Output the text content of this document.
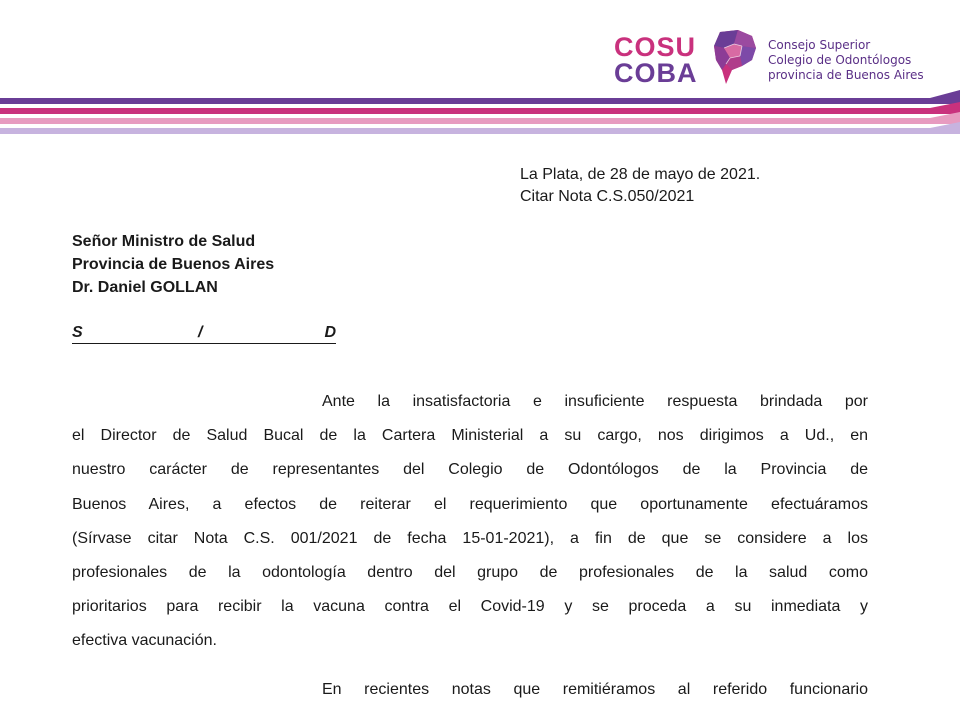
COSU
COBA
Consejo Superior
Colegio de Odontólogos
provincia de Buenos Aires
La Plata, de 28 de mayo de 2021.
Citar Nota C.S.050/2021
Señor Ministro de Salud
Provincia de Buenos Aires
Dr. Daniel GOLLAN
S	/	D
Ante la insatisfactoria e insuficiente respuesta brindada por
el Director de Salud Bucal de la Cartera Ministerial a su cargo, nos dirigimos a Ud., en
nuestro carácter de representantes del Colegio de Odontólogos de la Provincia de
Buenos Aires, a efectos de reiterar el requerimiento que oportunamente efectuáramos
(Sírvase citar Nota C.S. 001/2021 de fecha 15-01-2021), a fin de que se considere a los
profesionales de la odontología dentro del grupo de profesionales de la salud como
prioritarios para recibir la vacuna contra el Covid-19 y se proceda a su inmediata y
efectiva vacunación.
En recientes notas que remitiéramos al referido funcionario
